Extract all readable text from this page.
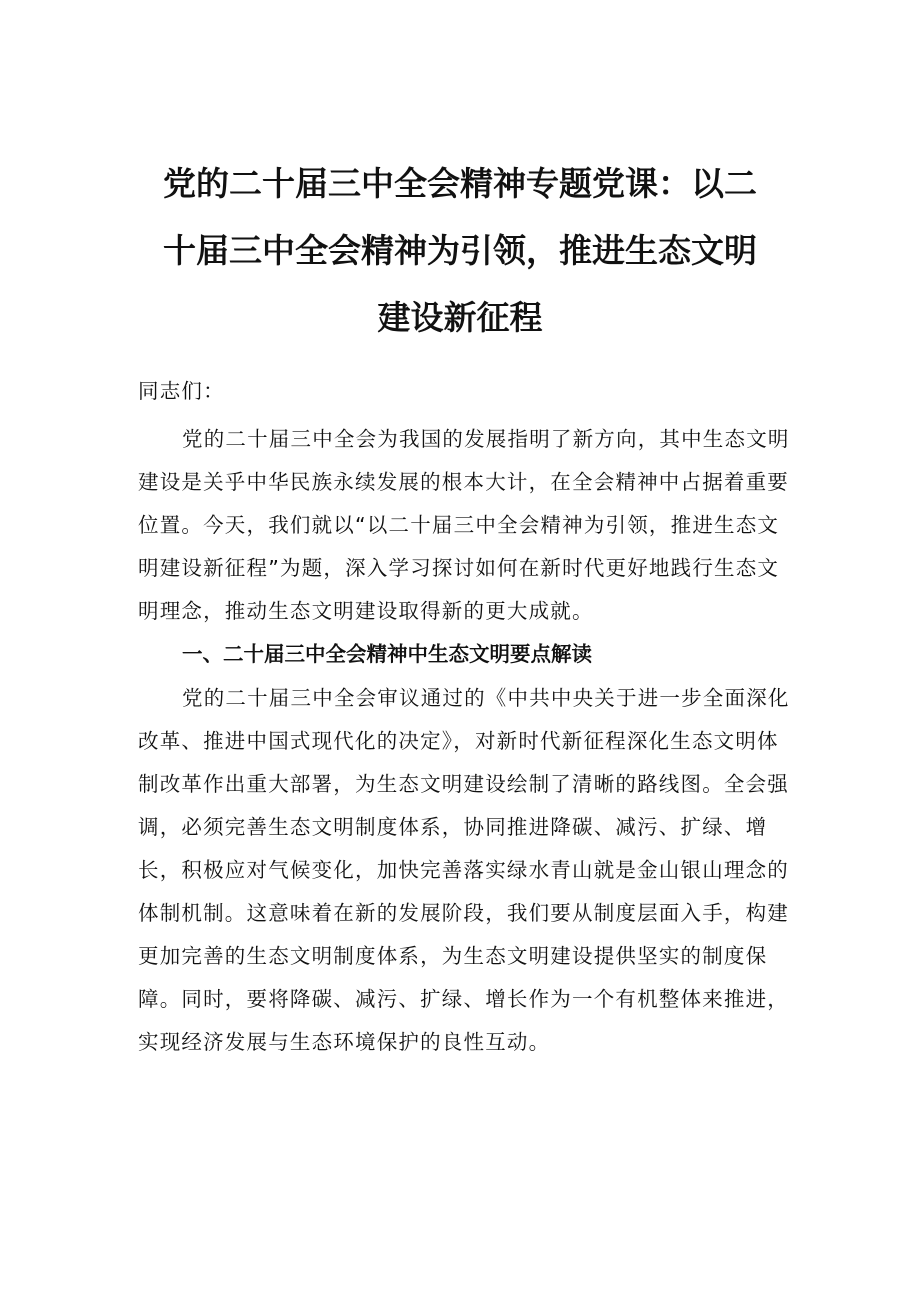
党的二十届三中全会精神专题党课：以二
十届三中全会精神为引领，推进生态文明
建设新征程
同志们：

党的二十届三中全会为我国的发展指明了新方向，其中生态文明建设是关乎中华民族永续发展的根本大计，在全会精神中占据着重要位置。今天，我们就以“以二十届三中全会精神为引领，推进生态文明建设新征程”为题，深入学习探讨如何在新时代更好地践行生态文明理念，推动生态文明建设取得新的更大成就。

一、二十届三中全会精神中生态文明要点解读

党的二十届三中全会审议通过的《中共中央关于进一步全面深化改革、推进中国式现代化的决定》，对新时代新征程深化生态文明体制改革作出重大部署，为生态文明建设绘制了清晰的路线图。全会强调，必须完善生态文明制度体系，协同推进降碳、减污、扩绿、增长，积极应对气候变化，加快完善落实绿水青山就是金山银山理念的体制机制。这意味着在新的发展阶段，我们要从制度层面入手，构建更加完善的生态文明制度体系，为生态文明建设提供坚实的制度保障。同时，要将降碳、减污、扩绿、增长作为一个有机整体来推进，实现经济发展与生态环境保护的良性互动。
